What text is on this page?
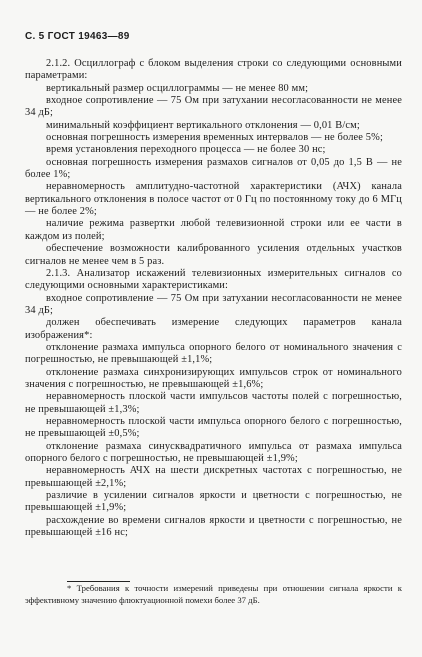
С. 5 ГОСТ 19463—89

2.1.2. Осциллограф с блоком выделения строки со следующими основными параметрами:

вертикальный размер осциллограммы — не менее 80 мм;

входное сопротивление — 75 Ом при затухании несогласованности не менее 34 дБ;

минимальный коэффициент вертикального отклонения — 0,01 В/см;

основная погрешность измерения временных интервалов — не более 5%;

время установления переходного процесса — не более 30 нс;

основная погрешность измерения размахов сигналов от 0,05 до 1,5 В — не более 1%;

неравномерность амплитудно-частотной характеристики (АЧХ) канала вертикального отклонения в полосе частот от 0 Гц по постоянному току до 6 МГц — не более 2%;

наличие режима развертки любой телевизионной строки или ее части в каждом из полей;

обеспечение возможности калиброванного усиления отдельных участков сигналов не менее чем в 5 раз.

2.1.3. Анализатор искажений телевизионных измерительных сигналов со следующими основными характеристиками:

входное сопротивление — 75 Ом при затухании несогласованности не менее 34 дБ;

должен обеспечивать измерение следующих параметров канала изображения*:

отклонение размаха импульса опорного белого от номинального значения с погрешностью, не превышающей ±1,1%;

отклонение размаха синхронизирующих импульсов строк от номинального значения с погрешностью, не превышающей ±1,6%;

неравномерность плоской части импульсов частоты полей с погрешностью, не превышающей ±1,3%;

неравномерность плоской части импульса опорного белого с погрешностью, не превышающей ±0,5%;

отклонение размаха синусквадратичного импульса от размаха импульса опорного белого с погрешностью, не превышающей ±1,9%;

неравномерность АЧХ на шести дискретных частотах с погрешностью, не превышающей ±2,1%;

различие в усилении сигналов яркости и цветности с погрешностью, не превышающей ±1,9%;

расхождение во времени сигналов яркости и цветности с погрешностью, не превышающей ±16 нс;

* Требования к точности измерений приведены при отношении сигнала яркости к эффективному значению флюктуационной помехи более 37 дБ.
